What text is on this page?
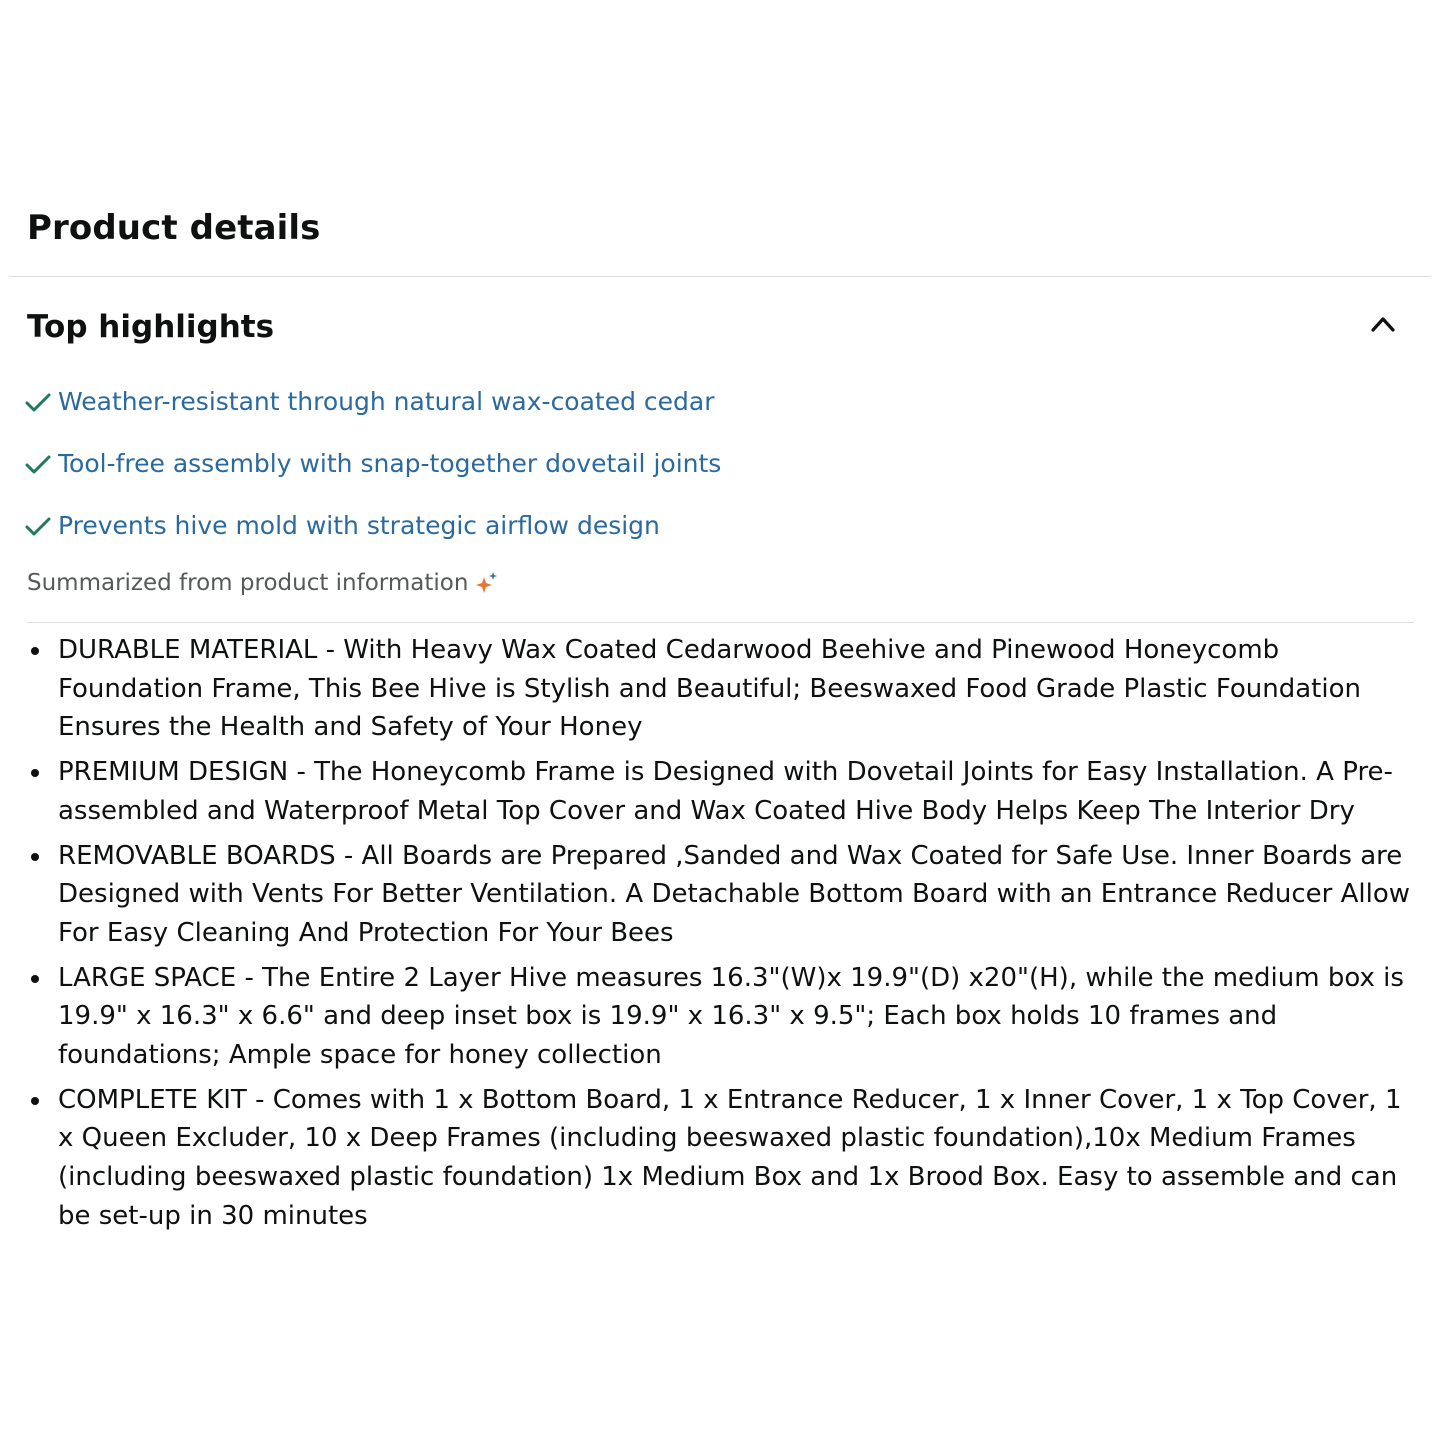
Product details
Top highlights
Weather-resistant through natural wax-coated cedar
Tool-free assembly with snap-together dovetail joints
Prevents hive mold with strategic airflow design
Summarized from product information
DURABLE MATERIAL - With Heavy Wax Coated Cedarwood Beehive and Pinewood Honeycomb Foundation Frame, This Bee Hive is Stylish and Beautiful; Beeswaxed Food Grade Plastic Foundation Ensures the Health and Safety of Your Honey
PREMIUM DESIGN - The Honeycomb Frame is Designed with Dovetail Joints for Easy Installation. A Pre-assembled and Waterproof Metal Top Cover and Wax Coated Hive Body Helps Keep The Interior Dry
REMOVABLE BOARDS - All Boards are Prepared ,Sanded and Wax Coated for Safe Use. Inner Boards are Designed with Vents For Better Ventilation. A Detachable Bottom Board with an Entrance Reducer Allow For Easy Cleaning And Protection For Your Bees
LARGE SPACE - The Entire 2 Layer Hive measures 16.3"(W)x 19.9"(D) x20"(H), while the medium box is 19.9" x 16.3" x 6.6" and deep inset box is 19.9" x 16.3" x 9.5"; Each box holds 10 frames and foundations; Ample space for honey collection
COMPLETE KIT - Comes with 1 x Bottom Board, 1 x Entrance Reducer, 1 x Inner Cover, 1 x Top Cover, 1 x Queen Excluder, 10 x Deep Frames (including beeswaxed plastic foundation),10x Medium Frames (including beeswaxed plastic foundation) 1x Medium Box and 1x Brood Box. Easy to assemble and can be set-up in 30 minutes
